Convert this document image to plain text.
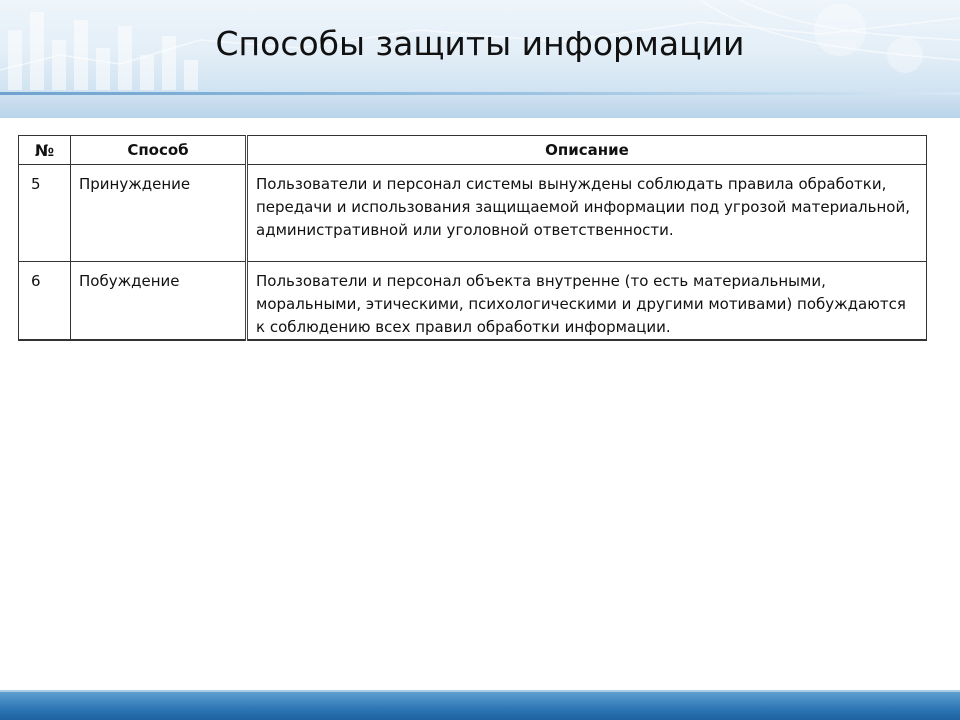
Способы защиты информации
№	Способ	Описание
5	Принуждение	Пользователи и персонал системы вынуждены соблюдать правила обработки, передачи и использования защищаемой информации под угрозой материальной, административной или уголовной ответственности.
6	Побуждение	Пользователи и персонал объекта внутренне (то есть материальными, моральными, этическими, психологическими и другими мотивами) побуждаются к соблюдению всех правил обработки информации.
